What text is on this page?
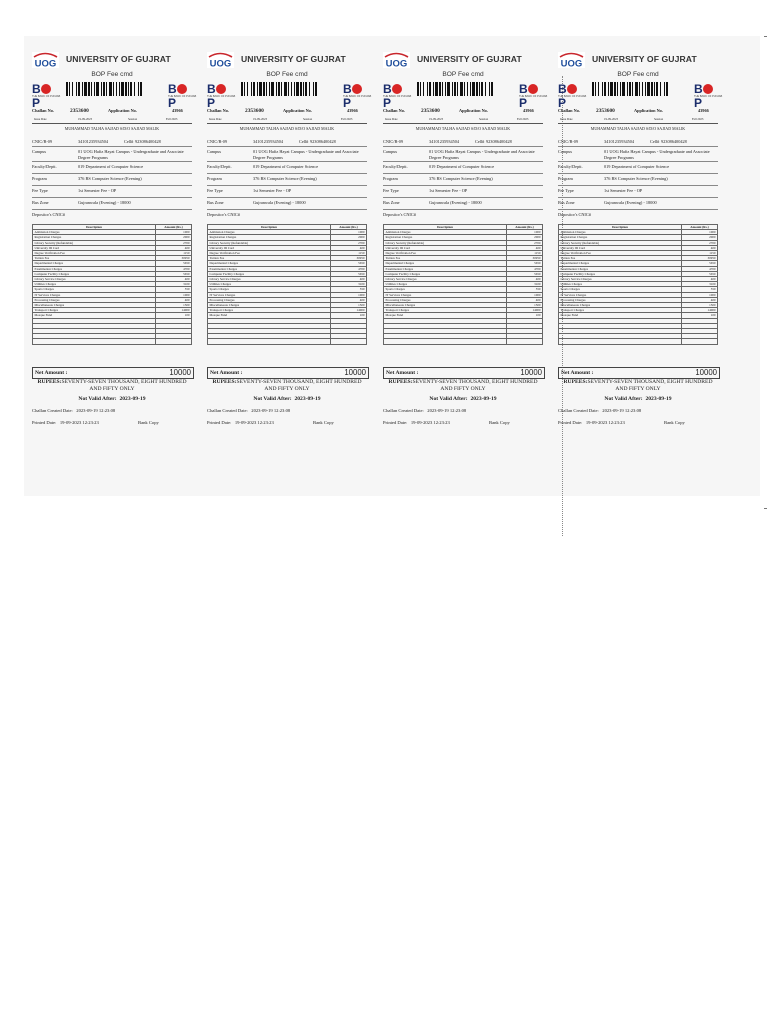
UOG UNIVERSITY OF GUJRAT
BOP Fee cmd
BP
THE BANK OF PUNJAB
BP
THE BANK OF PUNJAB
Challan No.	2353600	Application No.	43966
Issue Date	19-09-2023	Session	Fall 2023
MUHAMMAD TALHA SAJJAD S/D/O SAJJAD MALIK
CNIC/B-09	34101235934504	Cell# 923086400428
Campus	01 UOG Hafiz Hayat Campus - Undergraduate and Associate Degree Programs
Faculty/Deptt.	019 Department of Computer Science
Program	376 BS Computer Science (Evening)
Fee Type	1st Semester Fee - OP
Bus Zone	Gujranwala (Evening) - 18000
Depositor's CNIC#
Description	Amount (Rs.)
Admission Charges	1000
Registration Charges	2000
Library Security (Refundable)	2700
University ID Card	400
Degree Verification Fee	1150
Tuition Fee	30950
Departmental Charges	5650
Examination Charges	4700
Computer Facility Charges	5650
Library Service Charges	400
Utilities Charges	3100
Sports Charges	550
IT Services Charges	1000
Processing Charges	400
Miscellaneous Charges	1500
Transport Charges	14000
Mosque Fund	100

Net Amount :	10000
RUPEES:SEVENTY-SEVEN THOUSAND, EIGHT HUNDRED AND FIFTY ONLY
Not Valid After: 2023-09-19
Challan Created Date: 2023-09-19 12:23:08
Printed Date: 19-09-2023 12:23:23	Bank Copy
UOG UNIVERSITY OF GUJRAT
BOP Fee cmd
BP
THE BANK OF PUNJAB
BP
THE BANK OF PUNJAB
Challan No.	2353600	Application No.	43966
Issue Date	19-09-2023	Session	Fall 2023
MUHAMMAD TALHA SAJJAD S/D/O SAJJAD MALIK
CNIC/B-09	34101235934504	Cell# 923086400428
Campus	01 UOG Hafiz Hayat Campus - Undergraduate and Associate Degree Programs
Faculty/Deptt.	019 Department of Computer Science
Program	376 BS Computer Science (Evening)
Fee Type	1st Semester Fee - OP
Bus Zone	Gujranwala (Evening) - 18000
Depositor's CNIC#
Description	Amount (Rs.)
Admission Charges	1000
Registration Charges	2000
Library Security (Refundable)	2700
University ID Card	400
Degree Verification Fee	1150
Tuition Fee	30950
Departmental Charges	5650
Examination Charges	4700
Computer Facility Charges	5650
Library Service Charges	400
Utilities Charges	3100
Sports Charges	550
IT Services Charges	1000
Processing Charges	400
Miscellaneous Charges	1500
Transport Charges	14000
Mosque Fund	100

Net Amount :	10000
RUPEES:SEVENTY-SEVEN THOUSAND, EIGHT HUNDRED AND FIFTY ONLY
Not Valid After: 2023-09-19
Challan Created Date: 2023-09-19 12:23:08
Printed Date: 19-09-2023 12:23:23	Bank Copy
UOG UNIVERSITY OF GUJRAT
BOP Fee cmd
BP
THE BANK OF PUNJAB
BP
THE BANK OF PUNJAB
Challan No.	2353600	Application No.	43966
Issue Date	19-09-2023	Session	Fall 2023
MUHAMMAD TALHA SAJJAD S/D/O SAJJAD MALIK
CNIC/B-09	34101235934504	Cell# 923086400428
Campus	01 UOG Hafiz Hayat Campus - Undergraduate and Associate Degree Programs
Faculty/Deptt.	019 Department of Computer Science
Program	376 BS Computer Science (Evening)
Fee Type	1st Semester Fee - OP
Bus Zone	Gujranwala (Evening) - 18000
Depositor's CNIC#
Description	Amount (Rs.)
Admission Charges	1000
Registration Charges	2000
Library Security (Refundable)	2700
University ID Card	400
Degree Verification Fee	1150
Tuition Fee	30950
Departmental Charges	5650
Examination Charges	4700
Computer Facility Charges	5650
Library Service Charges	400
Utilities Charges	3100
Sports Charges	550
IT Services Charges	1000
Processing Charges	400
Miscellaneous Charges	1500
Transport Charges	14000
Mosque Fund	100

Net Amount :	10000
RUPEES:SEVENTY-SEVEN THOUSAND, EIGHT HUNDRED AND FIFTY ONLY
Not Valid After: 2023-09-19
Challan Created Date: 2023-09-19 12:23:08
Printed Date: 19-09-2023 12:23:23	Bank Copy
UOG UNIVERSITY OF GUJRAT
BOP Fee cmd
BP
THE BANK OF PUNJAB
BP
THE BANK OF PUNJAB
Challan No.	2353600	Application No.	43966
Issue Date	19-09-2023	Session	Fall 2023
MUHAMMAD TALHA SAJJAD S/D/O SAJJAD MALIK
CNIC/B-09	34101235934504	Cell# 923086400428
Campus	01 UOG Hafiz Hayat Campus - Undergraduate and Associate Degree Programs
Faculty/Deptt.	019 Department of Computer Science
Program	376 BS Computer Science (Evening)
Fee Type	1st Semester Fee - OP
Bus Zone	Gujranwala (Evening) - 18000
Depositor's CNIC#
Description	Amount (Rs.)
Admission Charges	1000
Registration Charges	2000
Library Security (Refundable)	2700
University ID Card	400
Degree Verification Fee	1150
Tuition Fee	30950
Departmental Charges	5650
Examination Charges	4700
Computer Facility Charges	5650
Library Service Charges	400
Utilities Charges	3100
Sports Charges	550
IT Services Charges	1000
Processing Charges	400
Miscellaneous Charges	1500
Transport Charges	14000
Mosque Fund	100

Net Amount :	10000
RUPEES:SEVENTY-SEVEN THOUSAND, EIGHT HUNDRED AND FIFTY ONLY
Not Valid After: 2023-09-19
Challan Created Date: 2023-09-19 12:23:08
Printed Date: 19-09-2023 12:23:23	Bank Copy
